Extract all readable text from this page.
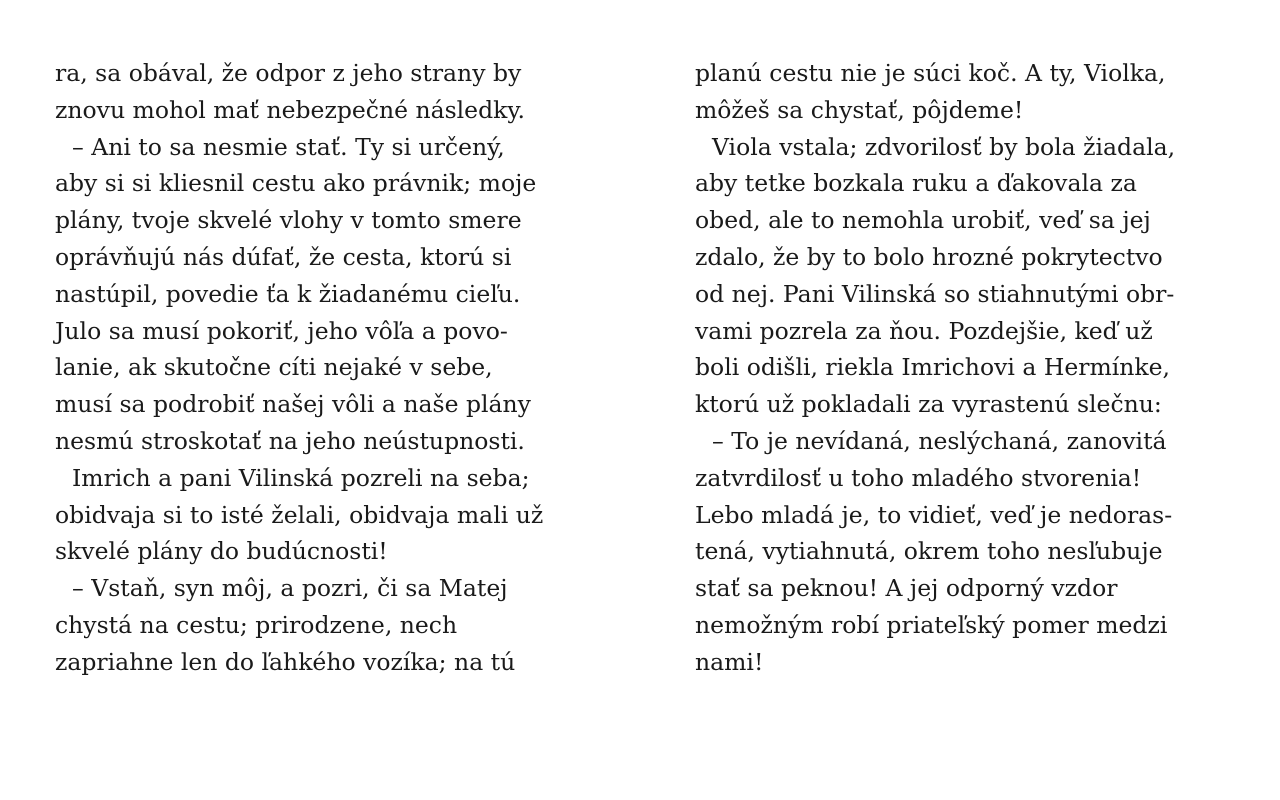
ra, sa obával, že odpor z jeho strany by
znovu mohol mať nebezpečné následky.
– Ani to sa nesmie stať. Ty si určený,
aby si si kliesnil cestu ako právnik; moje
plány, tvoje skvelé vlohy v tomto smere
oprávňujú nás dúfať, že cesta, ktorú si
nastúpil, povedie ťa k žiadanému cieľu.
Julo sa musí pokoriť, jeho vôľa a povo-
lanie, ak skutočne cíti nejaké v sebe,
musí sa podrobiť našej vôli a naše plány
nesmú stroskotať na jeho neústupnosti.
Imrich a pani Vilinská pozreli na seba;
obidvaja si to isté želali, obidvaja mali už
skvelé plány do budúcnosti!
– Vstaň, syn môj, a pozri, či sa Matej
chystá na cestu; prirodzene, nech
zapriahne len do ľahkého vozíka; na tú
planú cestu nie je súci koč. A ty, Violka,
môžeš sa chystať, pôjdeme!
Viola vstala; zdvorilosť by bola žiadala,
aby tetke bozkala ruku a ďakovala za
obed, ale to nemohla urobiť, veď sa jej
zdalo, že by to bolo hrozné pokrytectvo
od nej. Pani Vilinská so stiahnutými obr-
vami pozrela za ňou. Pozdejšie, keď už
boli odišli, riekla Imrichovi a Hermínke,
ktorú už pokladali za vyrastenú slečnu:
– To je nevídaná, neslýchaná, zanovitá
zatvrdilosť u toho mladého stvorenia!
Lebo mladá je, to vidieť, veď je nedoras-
tená, vytiahnutá, okrem toho nesľubuje
stať sa peknou! A jej odporný vzdor
nemožným robí priateľský pomer medzi
nami!
